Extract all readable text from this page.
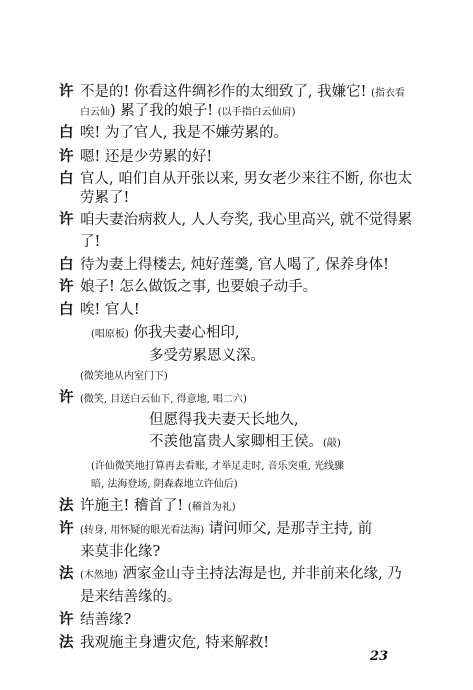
许 不是的! 你看这件绸衫作的太细致了, 我嫌它! (指衣看
白云仙) 累了我的娘子! (以手指白云仙肩)
白 唉! 为了官人, 我是不嫌劳累的。
许 嗯! 还是少劳累的好!
白 官人, 咱们自从开张以来, 男女老少来往不断, 你也太
劳累了!
许 咱夫妻治病救人, 人人夸奖, 我心里高兴, 就不觉得累
了!
白 待为妻上得楼去, 炖好莲羹, 官人喝了, 保养身体!
许 娘子! 怎么做饭之事, 也要娘子动手。
白 唉! 官人!
(唱原板) 你我夫妻心相印,
多受劳累恩义深。
(微笑地从内室门下)
许 (微笑, 目送白云仙下, 得意地, 唱二六)
但愿得我夫妻天长地久,
不羡他富贵人家卿相王侯。(敲)
(许仙微笑地打算再去看账, 才举足走时, 音乐突重, 光线骤
暗, 法海登场, 阴森森地立许仙后)
法 许施主! 稽首了! (稽首为礼)
许 (转身, 用怀疑的眼光看法海) 请问师父, 是那寺主持, 前
来莫非化缘?
法 (木然地) 洒家金山寺主持法海是也, 并非前来化缘, 乃
是来结善缘的。
许 结善缘?
法 我观施主身遭灾危, 特来解救!
23
